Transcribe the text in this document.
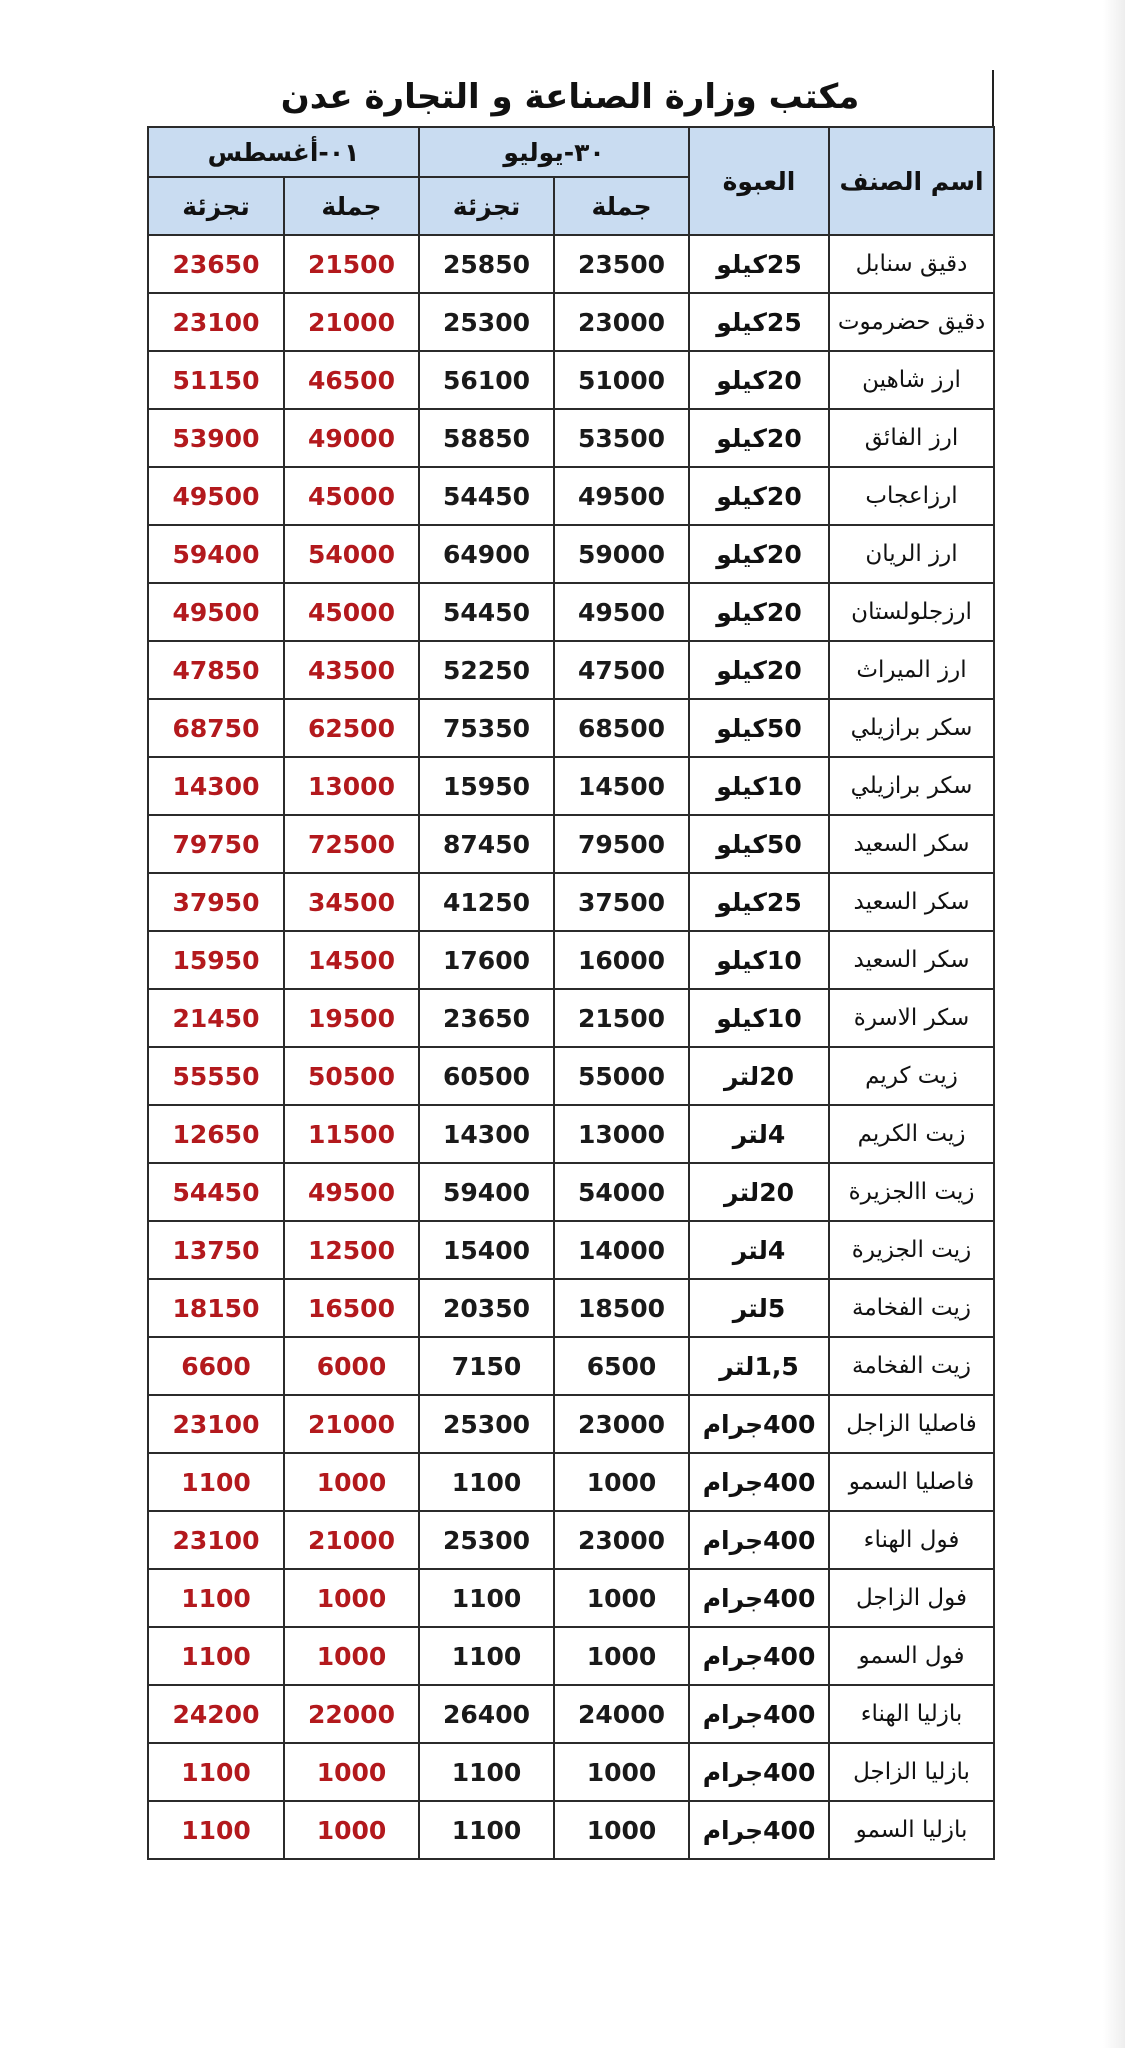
مكتب وزارة الصناعة و التجارة عدن
اسم الصنف	العبوة	٣٠-يوليو		٠١-أغسطس	
		جملة	تجزئة	جملة	تجزئة
دقيق سنابل	25كيلو	23500	25850	21500	23650
دقيق حضرموت	25كيلو	23000	25300	21000	23100
ارز شاهين	20كيلو	51000	56100	46500	51150
ارز الفائق	20كيلو	53500	58850	49000	53900
ارزاعجاب	20كيلو	49500	54450	45000	49500
ارز الريان	20كيلو	59000	64900	54000	59400
ارزجلولستان	20كيلو	49500	54450	45000	49500
ارز الميراث	20كيلو	47500	52250	43500	47850
سكر برازيلي	50كيلو	68500	75350	62500	68750
سكر برازيلي	10كيلو	14500	15950	13000	14300
سكر السعيد	50كيلو	79500	87450	72500	79750
سكر السعيد	25كيلو	37500	41250	34500	37950
سكر السعيد	10كيلو	16000	17600	14500	15950
سكر الاسرة	10كيلو	21500	23650	19500	21450
زيت كريم	20لتر	55000	60500	50500	55550
زيت الكريم	4لتر	13000	14300	11500	12650
زيت االجزيرة	20لتر	54000	59400	49500	54450
زيت الجزيرة	4لتر	14000	15400	12500	13750
زيت الفخامة	5لتر	18500	20350	16500	18150
زيت الفخامة	1,5لتر	6500	7150	6000	6600
فاصليا الزاجل	400جرام	23000	25300	21000	23100
فاصليا السمو	400جرام	1000	1100	1000	1100
فول الهناء	400جرام	23000	25300	21000	23100
فول الزاجل	400جرام	1000	1100	1000	1100
فول السمو	400جرام	1000	1100	1000	1100
بازليا الهناء	400جرام	24000	26400	22000	24200
بازليا الزاجل	400جرام	1000	1100	1000	1100
بازليا السمو	400جرام	1000	1100	1000	1100
